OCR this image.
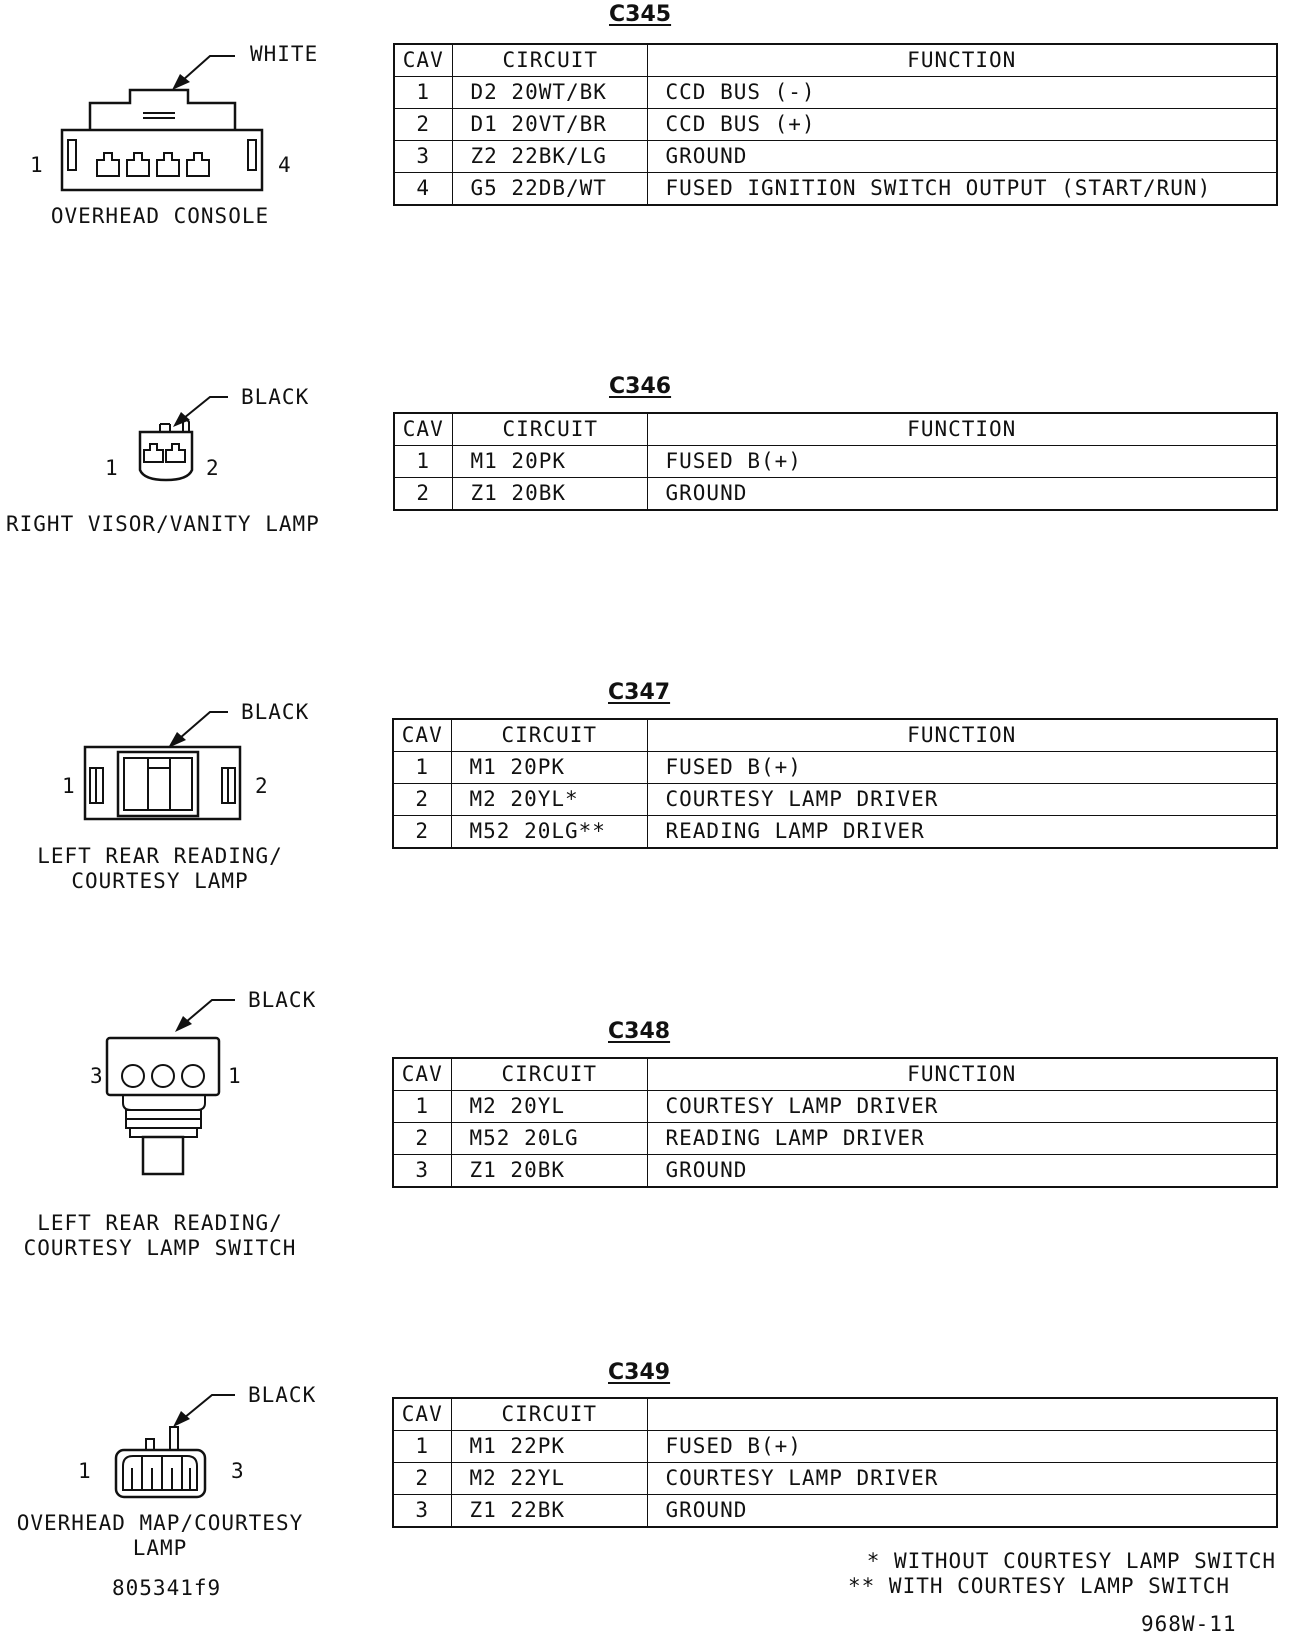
C345
WHITE
1	4
OVERHEAD CONSOLE
CAV	CIRCUIT	FUNCTION
1	D2 20WT/BK	CCD BUS (-)
2	D1 20VT/BR	CCD BUS (+)
3	Z2 22BK/LG	GROUND
4	G5 22DB/WT	FUSED IGNITION SWITCH OUTPUT (START/RUN)
C346
BLACK
1	2
RIGHT VISOR/VANITY LAMP
CAV	CIRCUIT	FUNCTION
1	M1 20PK	FUSED B(+)
2	Z1 20BK	GROUND
C347
BLACK
1	2
LEFT REAR READING/
COURTESY LAMP
CAV	CIRCUIT	FUNCTION
1	M1 20PK	FUSED B(+)
2	M2 20YL*	COURTESY LAMP DRIVER
2	M52 20LG**	READING LAMP DRIVER
C348
BLACK
3	1
LEFT REAR READING/
COURTESY LAMP SWITCH
CAV	CIRCUIT	FUNCTION
1	M2 20YL	COURTESY LAMP DRIVER
2	M52 20LG	READING LAMP DRIVER
3	Z1 20BK	GROUND
C349
BLACK
1	3
OVERHEAD MAP/COURTESY
LAMP
CAV	CIRCUIT	
1	M1 22PK	FUSED B(+)
2	M2 22YL	COURTESY LAMP DRIVER
3	Z1 22BK	GROUND
805341f9
* WITHOUT COURTESY LAMP SWITCH
** WITH COURTESY LAMP SWITCH
968W-11
